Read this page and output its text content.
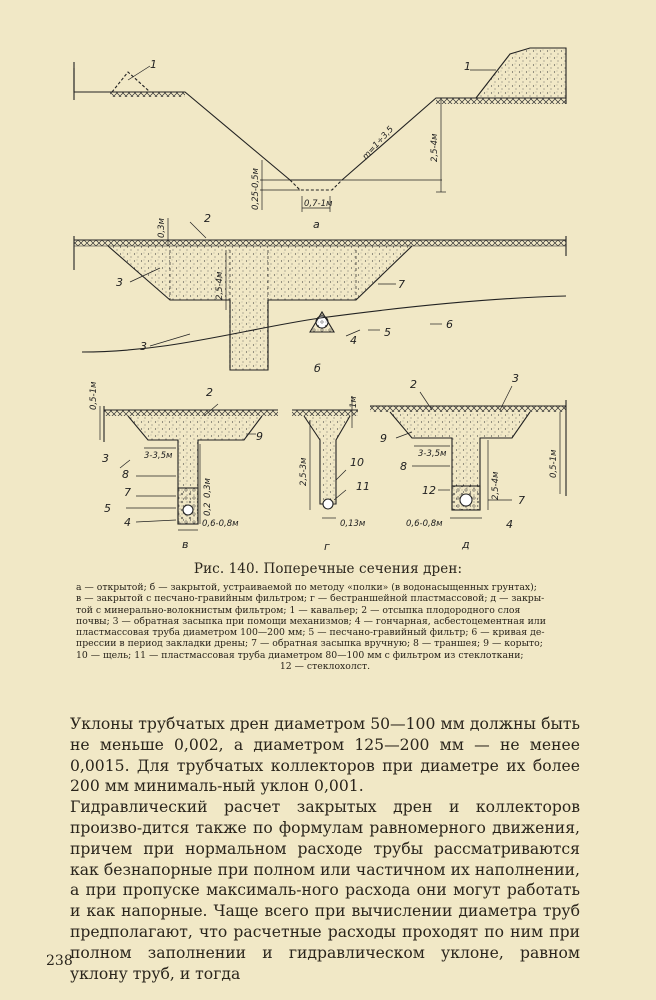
1	1
m=1÷3,5	2,5-4м
0,25-0,5м	0,7-1м
а
2
3
3	4
5
6
7
0,3м
2,5-4м
б
2
9
3
8
7
5
4
0,5-1м
3-3,5м
0,3м
0,2
0,6-0,8м
в
1м
2,5-3м	10
11
0,13м
г
2	3
9
8
12
7
4
3-3,5м
2,5-4м
0,5-1м
0,6-0,8м
д
Рис. 140. Поперечные сечения дрен:
а — открытой; б — закрытой, устраиваемой по методу «полки» (в водонасыщенных грунтах);
в — закрытой с песчано-гравийным фильтром; г — бестраншейной пластмассовой; д — закры-
той с минерально-волокнистым фильтром; 1 — кавальер; 2 — отсыпка плодородного слоя
почвы; 3 — обратная засыпка при помощи механизмов; 4 — гончарная, асбестоцементная или
пластмассовая труба диаметром 100—200 мм; 5 — песчано-гравийный фильтр; 6 — кривая де-
прессии в период закладки дрены; 7 — обратная засыпка вручную; 8 — траншея; 9 — корыто;
10 — щель; 11 — пластмассовая труба диаметром 80—100 мм с фильтром из стеклоткани;
12 — стеклохолст.

Уклоны трубчатых дрен диаметром 50—100 мм должны быть не меньше 0,002, а диаметром 125—200 мм — не менее 0,0015. Для трубчатых коллекторов при диаметре их более 200 мм минималь-ный уклон 0,001.

Гидравлический расчет закрытых дрен и коллекторов произво-дится также по формулам равномерного движения, причем при нормальном расходе трубы рассматриваются как безнапорные при полном или частичном их наполнении, а при пропуске максималь-ного расхода они могут работать и как напорные. Чаще всего при вычислении диаметра труб предполагают, что расчетные расходы проходят по ним при полном заполнении и гидравлическом уклоне, равном уклону труб, и тогда

238
